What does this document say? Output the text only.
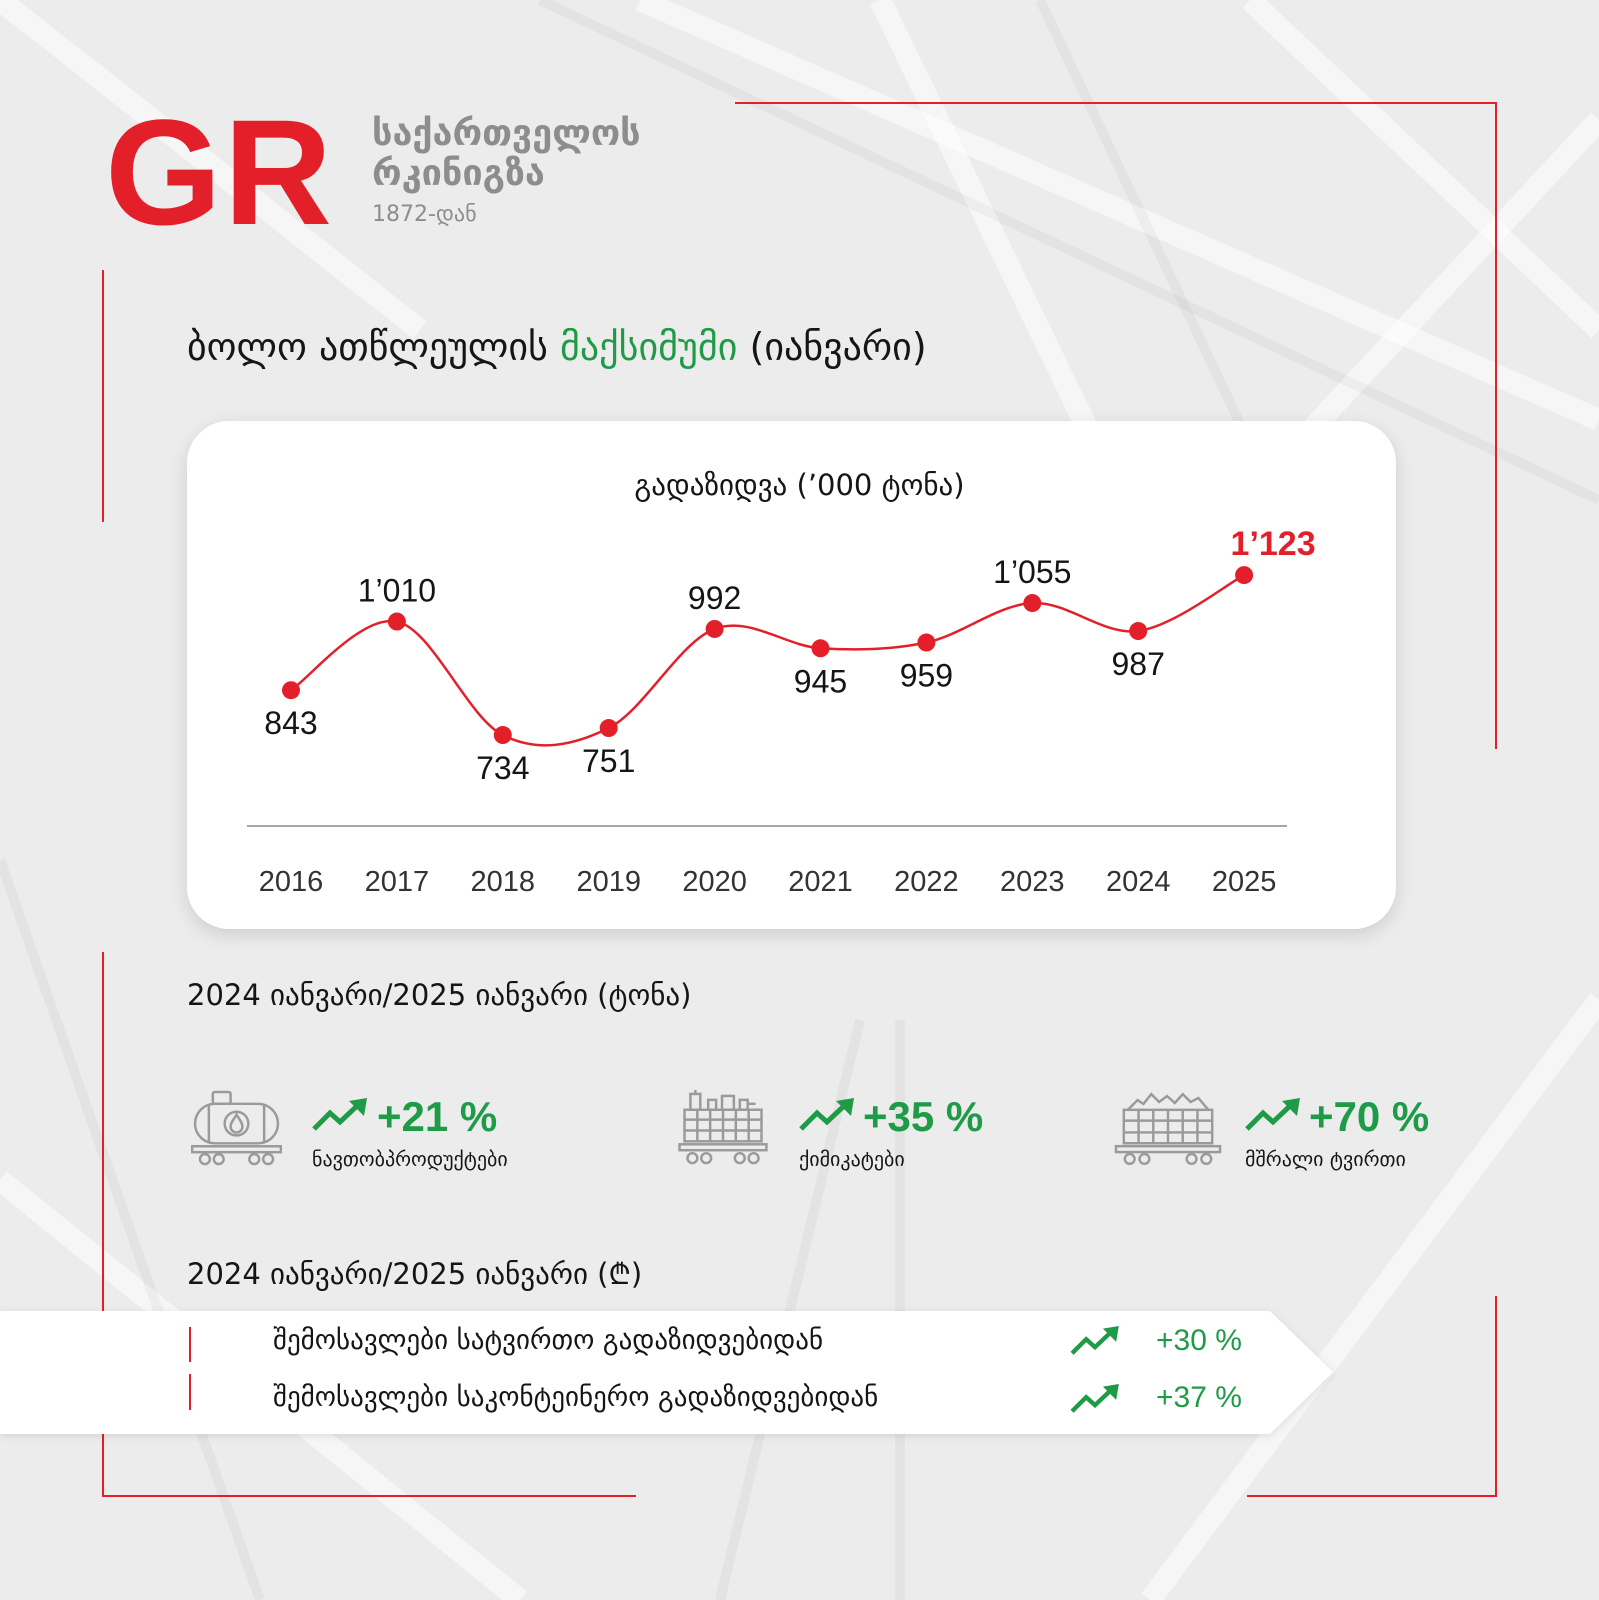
GR საქართველოს
რკინიგზა
1872-დან
ბოლო ათწლეულის მაქსიმუმი (იანვარი)
გადაზიდვა (’000 ტონა)
843
2016
1’010
2017
734
2018
751
2019
992
2020
945
2021
959
2022
1’055
2023
987
2024
1’123
2025
2024 იანვარი/2025 იანვარი (ტონა)
+21 %
ნავთობპროდუქტები
+35 %
ქიმიკატები
+70 %
მშრალი ტვირთი
2024 იანვარი/2025 იანვარი (₾)
შემოსავლები სატვირთო გადაზიდვებიდან	+30 %
შემოსავლები საკონტეინერო გადაზიდვებიდან	+37 %
